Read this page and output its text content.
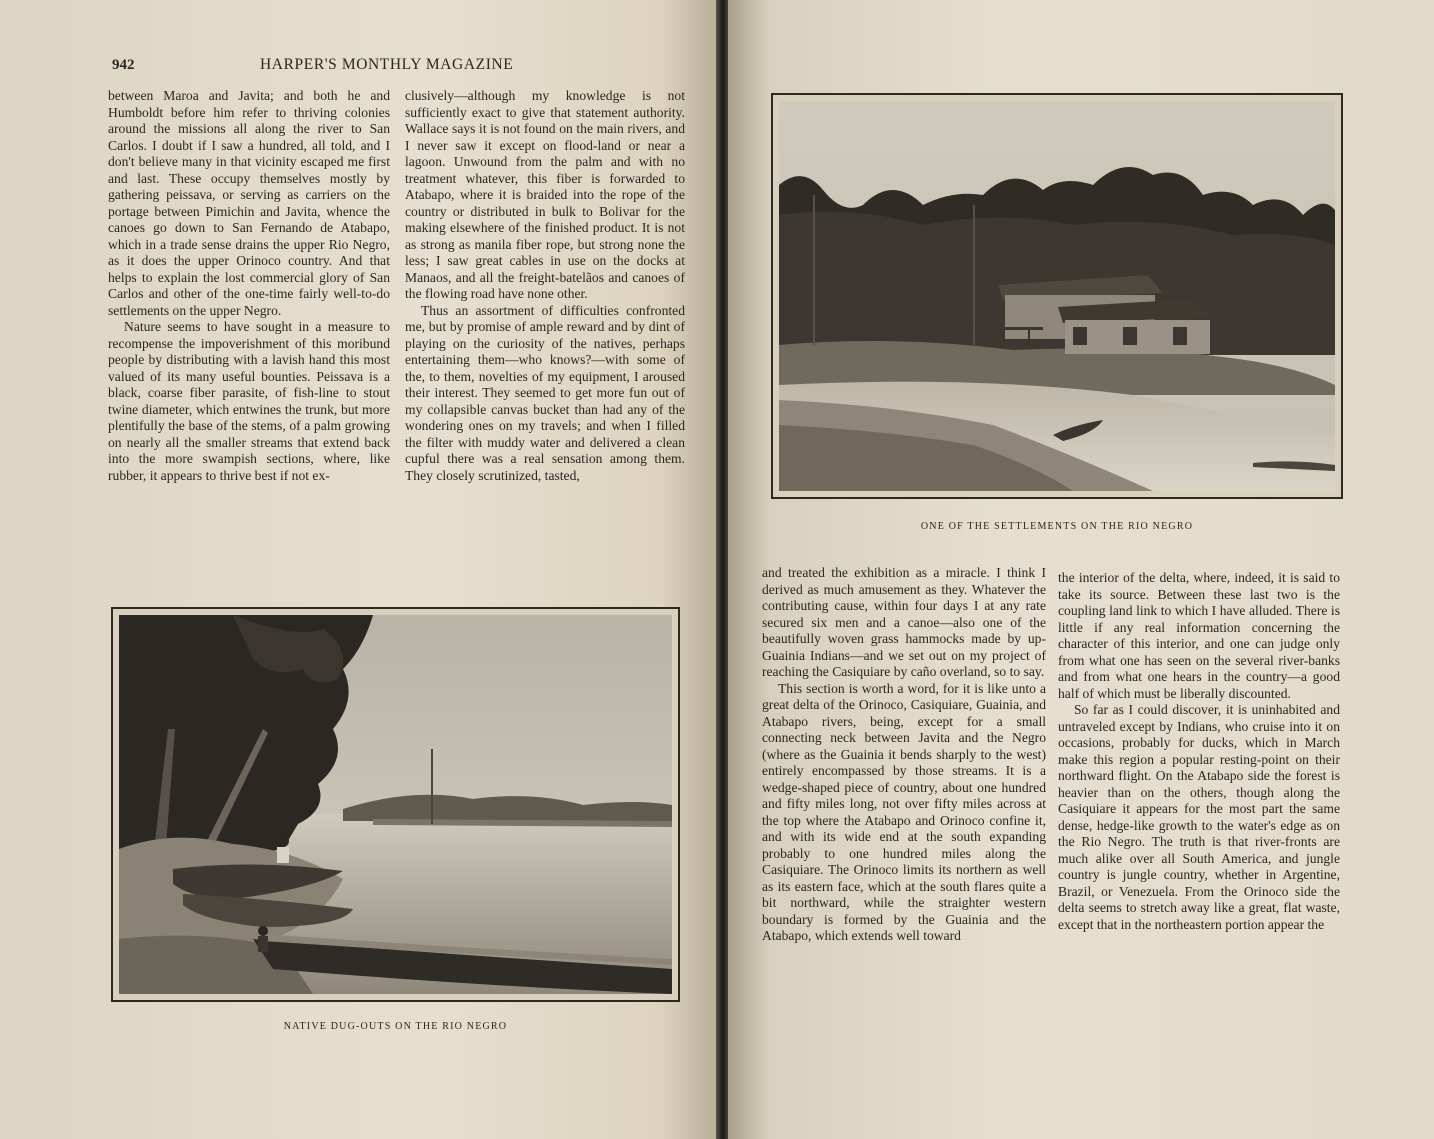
942	HARPER'S MONTHLY MAGAZINE

between Maroa and Javita; and both he and Humboldt before him refer to thriving colonies around the missions all along the river to San Carlos. I doubt if I saw a hundred, all told, and I don't believe many in that vicinity escaped me first and last. These occupy themselves mostly by gathering peissava, or serving as carriers on the portage between Pimichin and Javita, whence the canoes go down to San Fernando de Atabapo, which in a trade sense drains the upper Rio Negro, as it does the upper Orinoco country. And that helps to explain the lost commercial glory of San Carlos and other of the one-time fairly well-to-do settlements on the upper Negro.

Nature seems to have sought in a measure to recompense the impoverishment of this moribund people by distributing with a lavish hand this most valued of its many useful bounties. Peissava is a black, coarse fiber parasite, of fish-line to stout twine diameter, which entwines the trunk, but more plentifully the base of the stems, of a palm growing on nearly all the smaller streams that extend back into the more swampish sections, where, like rubber, it appears to thrive best if not ex-

clusively—although my knowledge is not sufficiently exact to give that statement authority. Wallace says it is not found on the main rivers, and I never saw it except on flood-land or near a lagoon. Unwound from the palm and with no treatment whatever, this fiber is forwarded to Atabapo, where it is braided into the rope of the country or distributed in bulk to Bolivar for the making elsewhere of the finished product. It is not as strong as manila fiber rope, but strong none the less; I saw great cables in use on the docks at Manaos, and all the freight-batelãos and canoes of the flowing road have none other.

Thus an assortment of difficulties confronted me, but by promise of ample reward and by dint of playing on the curiosity of the natives, perhaps entertaining them—who knows?—with some of the, to them, novelties of my equipment, I aroused their interest. They seemed to get more fun out of my collapsible canvas bucket than had any of the wondering ones on my travels; and when I filled the filter with muddy water and delivered a clean cupful there was a real sensation among them. They closely scrutinized, tasted,

NATIVE DUG-OUTS ON THE RIO NEGRO
ONE OF THE SETTLEMENTS ON THE RIO NEGRO

and treated the exhibition as a miracle. I think I derived as much amusement as they. Whatever the contributing cause, within four days I at any rate secured six men and a canoe—also one of the beautifully woven grass hammocks made by up-Guainia Indians—and we set out on my project of reaching the Casiquiare by caño overland, so to say.

This section is worth a word, for it is like unto a great delta of the Orinoco, Casiquiare, Guainia, and Atabapo rivers, being, except for a small connecting neck between Javita and the Negro (where as the Guainia it bends sharply to the west) entirely encompassed by those streams. It is a wedge-shaped piece of country, about one hundred and fifty miles long, not over fifty miles across at the top where the Atabapo and Orinoco confine it, and with its wide end at the south expanding probably to one hundred miles along the Casiquiare. The Orinoco limits its northern as well as its eastern face, which at the south flares quite a bit northward, while the straighter western boundary is formed by the Guainia and the Atabapo, which extends well toward

the interior of the delta, where, indeed, it is said to take its source. Between these last two is the coupling land link to which I have alluded. There is little if any real information concerning the character of this interior, and one can judge only from what one has seen on the several river-banks and from what one hears in the country—a good half of which must be liberally discounted.

So far as I could discover, it is uninhabited and untraveled except by Indians, who cruise into it on occasions, probably for ducks, which in March make this region a popular resting-point on their northward flight. On the Atabapo side the forest is heavier than on the others, though along the Casiquiare it appears for the most part the same dense, hedge-like growth to the water's edge as on the Rio Negro. The truth is that river-fronts are much alike over all South America, and jungle country is jungle country, whether in Argentine, Brazil, or Venezuela. From the Orinoco side the delta seems to stretch away like a great, flat waste, except that in the northeastern portion appear the
